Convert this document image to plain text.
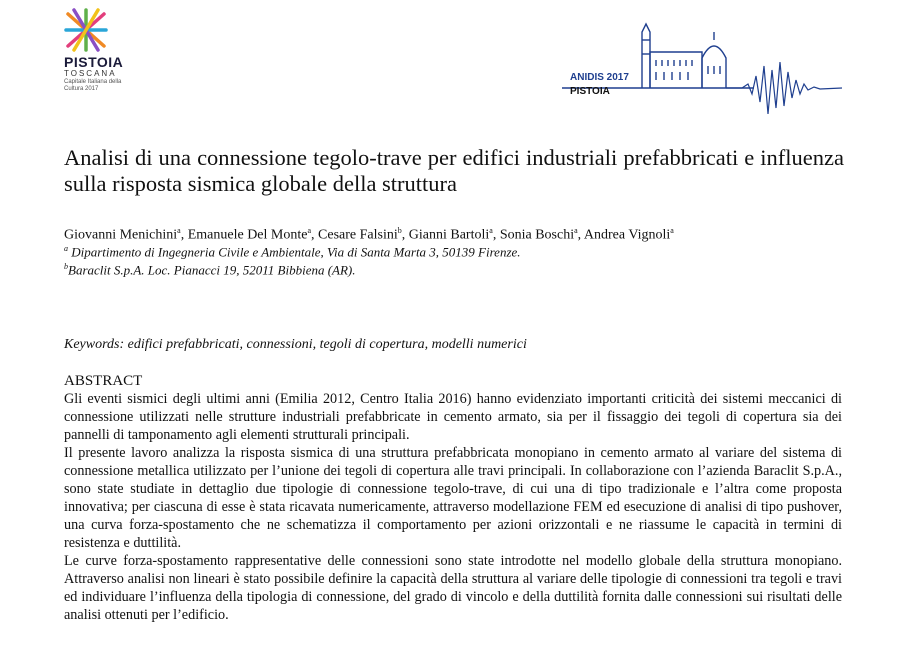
PISTOIA
TOSCANA
Capitale Italiana della Cultura 2017
ANIDIS 2017
PISTOIA
Analisi di una connessione tegolo-trave per edifici industriali prefabbricati e influenza sulla risposta sismica globale della struttura
Giovanni Menichini$^a$, Emanuele Del Monte$^a$, Cesare Falsini$^b$, Gianni Bartoli$^a$, Sonia Boschi$^a$, Andrea Vignoli$^a$
$^a$ Dipartimento di Ingegneria Civile e Ambientale, Via di Santa Marta 3, 50139 Firenze.
$^b$Baraclit S.p.A. Loc. Pianacci 19, 52011 Bibbiena (AR).
Keywords: edifici prefabbricati, connessioni, tegoli di copertura, modelli numerici
ABSTRACT

Gli eventi sismici degli ultimi anni (Emilia 2012, Centro Italia 2016) hanno evidenziato importanti criticità dei sistemi meccanici di connessione utilizzati nelle strutture industriali prefabbricate in cemento armato, sia per il fissaggio dei tegoli di copertura sia dei pannelli di tamponamento agli elementi strutturali principali.

Il presente lavoro analizza la risposta sismica di una struttura prefabbricata monopiano in cemento armato al variare del sistema di connessione metallica utilizzato per l’unione dei tegoli di copertura alle travi principali. In collaborazione con l’azienda Baraclit S.p.A., sono state studiate in dettaglio due tipologie di connessione tegolo-trave, di cui una di tipo tradizionale e l’altra come proposta innovativa; per ciascuna di esse è stata ricavata numericamente, attraverso modellazione FEM ed esecuzione di analisi di tipo pushover, una curva forza-spostamento che ne schematizza il comportamento per azioni orizzontali e ne riassume le capacità in termini di resistenza e duttilità.

Le curve forza-spostamento rappresentative delle connessioni sono state introdotte nel modello globale della struttura monopiano. Attraverso analisi non lineari è stato possibile definire la capacità della struttura al variare delle tipologie di connessioni tra tegoli e travi ed individuare l’influenza della tipologia di connessione, del grado di vincolo e della duttilità fornita dalle connessioni sui risultati delle analisi ottenuti per l’edificio.
